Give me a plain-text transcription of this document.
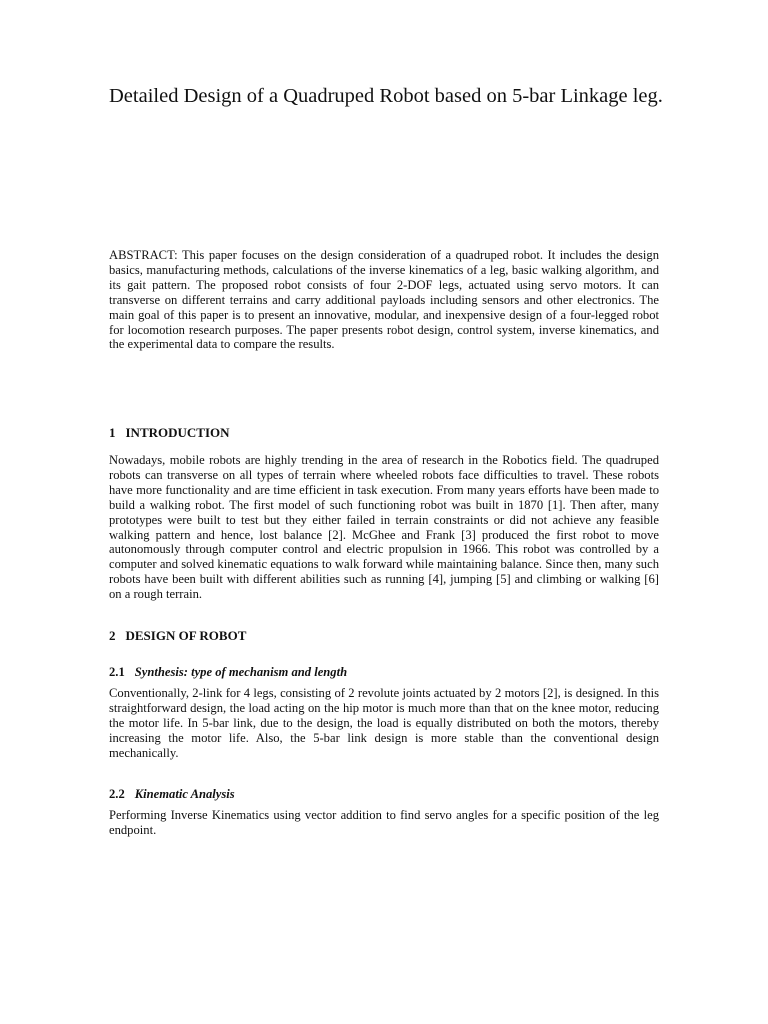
Detailed Design of a Quadruped Robot based on 5-bar Linkage leg.

ABSTRACT: This paper focuses on the design consideration of a quadruped robot. It includes the design basics, manufacturing methods, calculations of the inverse kinematics of a leg, basic walking algorithm, and its gait pattern. The proposed robot consists of four 2-DOF legs, actuated using servo motors. It can transverse on different terrains and carry additional payloads including sensors and other electronics. The main goal of this paper is to present an innovative, modular, and inexpensive design of a four-legged robot for locomotion research purposes. The paper presents robot design, control system, inverse kinematics, and the experimental data to compare the results.

1 INTRODUCTION

Nowadays, mobile robots are highly trending in the area of research in the Robotics field. The quadruped robots can transverse on all types of terrain where wheeled robots face difficulties to travel. These robots have more functionality and are time efficient in task execution. From many years efforts have been made to build a walking robot. The first model of such functioning robot was built in 1870 [1]. Then after, many prototypes were built to test but they either failed in terrain constraints or did not achieve any feasible walking pattern and hence, lost balance [2]. McGhee and Frank [3] produced the first robot to move autonomously through computer control and electric propulsion in 1966. This robot was controlled by a computer and solved kinematic equations to walk forward while maintaining balance. Since then, many such robots have been built with different abilities such as running [4], jumping [5] and climbing or walking [6] on a rough terrain.

2 DESIGN OF ROBOT
2.1 Synthesis: type of mechanism and length

Conventionally, 2-link for 4 legs, consisting of 2 revolute joints actuated by 2 motors [2], is designed. In this straightforward design, the load acting on the hip motor is much more than that on the knee motor, reducing the motor life. In 5-bar link, due to the design, the load is equally distributed on both the motors, thereby increasing the motor life. Also, the 5-bar link design is more stable than the conventional design mechanically.

2.2 Kinematic Analysis

Performing Inverse Kinematics using vector addition to find servo angles for a specific position of the leg endpoint.
